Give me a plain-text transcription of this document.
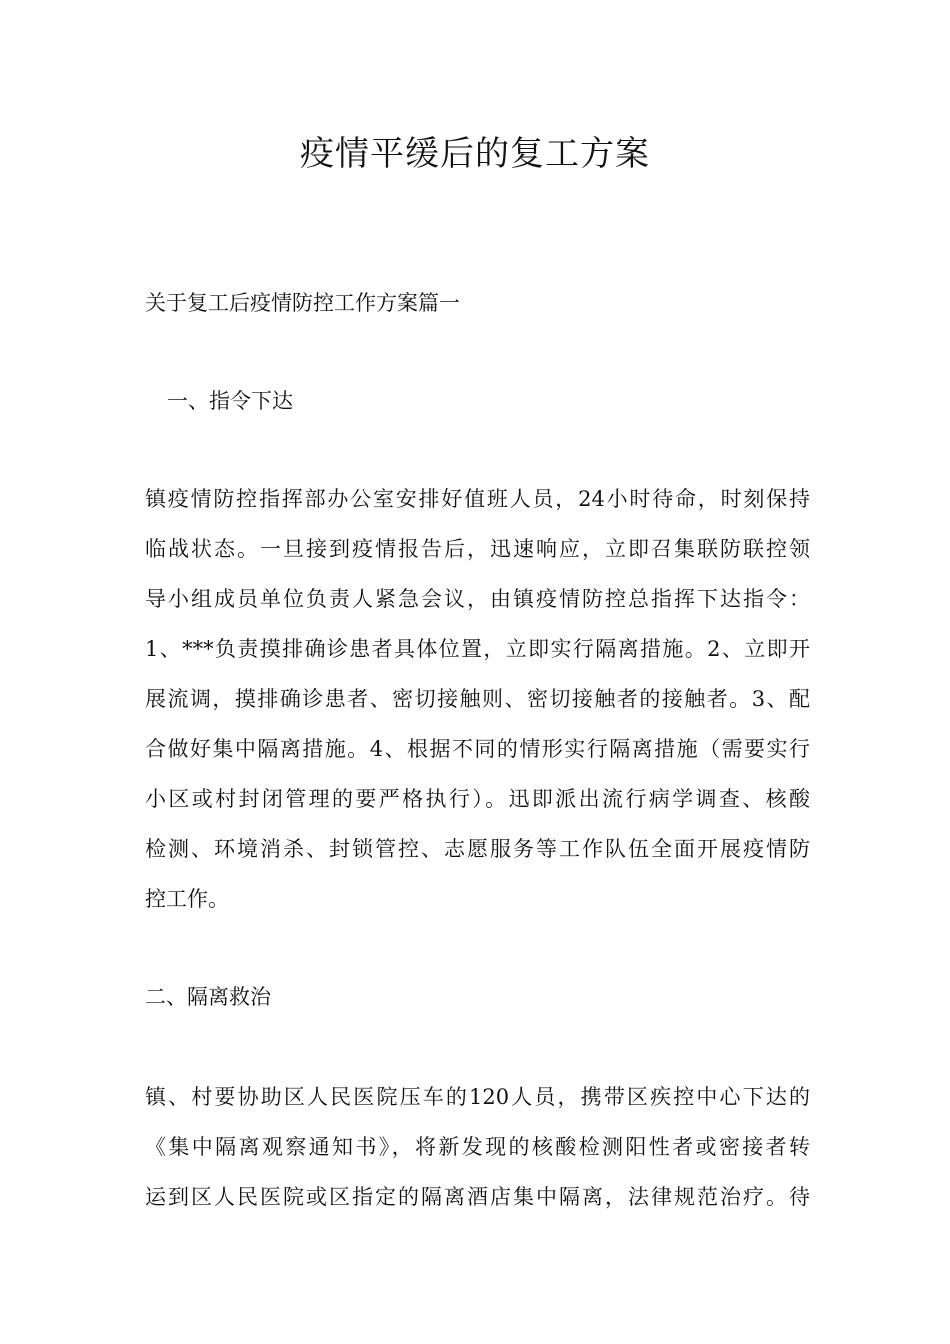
疫情平缓后的复工方案

关于复工后疫情防控工作方案篇一

一、指令下达

镇疫情防控指挥部办公室安排好值班人员，24小时待命，时刻保持

临战状态。一旦接到疫情报告后，迅速响应，立即召集联防联控领

导小组成员单位负责人紧急会议，由镇疫情防控总指挥下达指令：

1、***负责摸排确诊患者具体位置，立即实行隔离措施。2、立即开

展流调，摸排确诊患者、密切接触则、密切接触者的接触者。3、配

合做好集中隔离措施。4、根据不同的情形实行隔离措施（需要实行

小区或村封闭管理的要严格执行）。迅即派出流行病学调查、核酸

检测、环境消杀、封锁管控、志愿服务等工作队伍全面开展疫情防

控工作。

二、隔离救治

镇、村要协助区人民医院压车的120人员，携带区疾控中心下达的

《集中隔离观察通知书》，将新发现的核酸检测阳性者或密接者转

运到区人民医院或区指定的隔离酒店集中隔离，法律规范治疗。待
